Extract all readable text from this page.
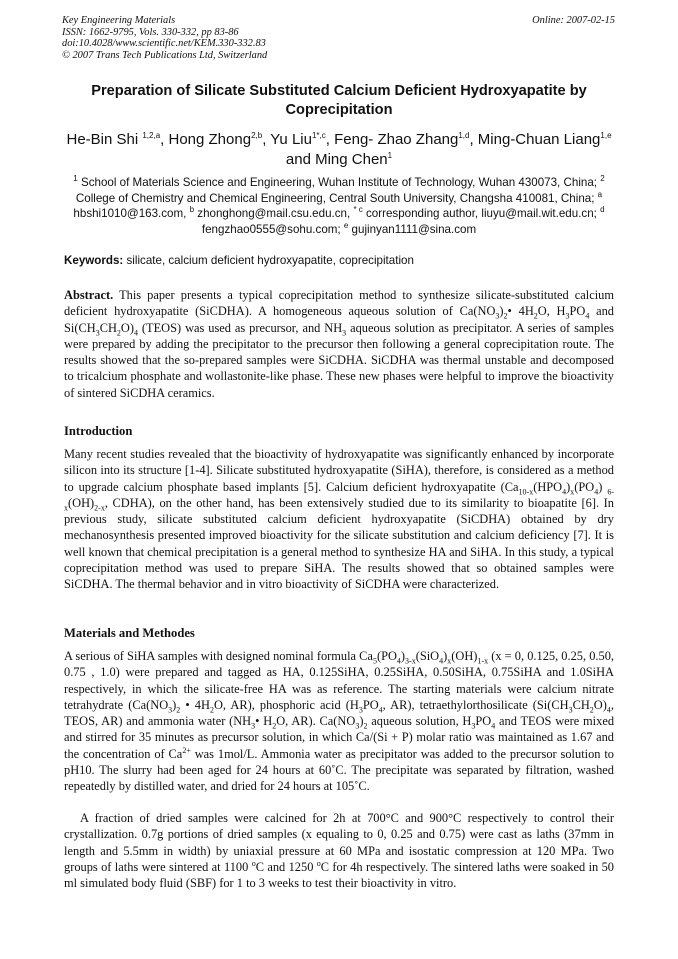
Key Engineering Materials
ISSN: 1662-9795, Vols. 330-332, pp 83-86
doi:10.4028/www.scientific.net/KEM.330-332.83
© 2007 Trans Tech Publications Ltd, Switzerland
Online: 2007-02-15
Preparation of Silicate Substituted Calcium Deficient Hydroxyapatite by Coprecipitation
He-Bin Shi $^{1,2,a}$, Hong Zhong$^{2,b}$, Yu Liu$^{1*,c}$, Feng- Zhao Zhang$^{1,d}$, Ming-Chuan Liang$^{1,e}$ and Ming Chen$^1$
$^1$ School of Materials Science and Engineering, Wuhan Institute of Technology, Wuhan 430073, China; $^2$ College of Chemistry and Chemical Engineering, Central South University, Changsha 410081, China; $^a$ hbshi1010@163.com, $^b$ zhonghong@mail.csu.edu.cn, $^{* c}$ corresponding author, liuyu@mail.wit.edu.cn; $^d$ fengzhao0555@sohu.com; $^e$ gujinyan1111@sina.com
Keywords: silicate, calcium deficient hydroxyapatite, coprecipitation
Abstract. This paper presents a typical coprecipitation method to synthesize silicate-substituted calcium deficient hydroxyapatite (SiCDHA). A homogeneous aqueous solution of $Ca(NO_3)_2•$ $4H_2O$, $H_3PO_4$ and $Si(CH_3CH_2O)_4$ (TEOS) was used as precursor, and $NH_3$ aqueous solution as precipitator. A series of samples were prepared by adding the precipitator to the precursor then following a general coprecipitation route. The results showed that the so-prepared samples were SiCDHA. SiCDHA was thermal unstable and decomposed to tricalcium phosphate and wollastonite-like phase. These new phases were helpful to improve the bioactivity of sintered SiCDHA ceramics.
Introduction
Many recent studies revealed that the bioactivity of hydroxyapatite was significantly enhanced by incorporate silicon into its structure [1-4]. Silicate substituted hydroxyapatite (SiHA), therefore, is considered as a method to upgrade calcium phosphate based implants [5]. Calcium deficient hydroxyapatite ($Ca_{10-x}(HPO_4)_x(PO_4)$ $_{6-x}(OH)_{2-x}$, CDHA), on the other hand, has been extensively studied due to its similarity to bioapatite [6]. In previous study, silicate substituted calcium deficient hydroxyapatite (SiCDHA) obtained by dry mechanosynthesis presented improved bioactivity for the silicate substitution and calcium deficiency [7]. It is well known that chemical precipitation is a general method to synthesize HA and SiHA. In this study, a typical coprecipitation method was used to prepare SiHA. The results showed that so obtained samples were SiCDHA. The thermal behavior and in vitro bioactivity of SiCDHA were characterized.
Materials and Methodes
A serious of SiHA samples with designed nominal formula $Ca_5(PO_4)_{3-x}(SiO_4)_x(OH)_{1-x}$ (x = 0, 0.125, 0.25, 0.50, 0.75 , 1.0) were prepared and tagged as HA, 0.125SiHA, 0.25SiHA, 0.50SiHA, 0.75SiHA and 1.0SiHA respectively, in which the silicate-free HA was as reference. The starting materials were calcium nitrate tetrahydrate ($Ca(NO_3)_2$ • $4H_2O$, AR), phosphoric acid ($H_3PO_4$, AR), tetraethylorthosilicate ($Si(CH_3CH_2O)_4$, TEOS, AR) and ammonia water ($NH_3•$ $H_2O$, AR). $Ca(NO_3)_2$ aqueous solution, $H_3PO_4$ and TEOS were mixed and stirred for 35 minutes as precursor solution, in which Ca/(Si + P) molar ratio was maintained as 1.67 and the concentration of $Ca^{2+}$ was 1mol/L. Ammonia water as precipitator was added to the precursor solution to pH10. The slurry had been aged for 24 hours at 60˚C. The precipitate was separated by filtration, washed repeatedly by distilled water, and dried for 24 hours at 105˚C.
A fraction of dried samples were calcined for 2h at 700°C and 900°C respectively to control their crystallization. 0.7g portions of dried samples (x equaling to 0, 0.25 and 0.75) were cast as laths (37mm in length and 5.5mm in width) by uniaxial pressure at 60 MPa and isostatic compression at 120 MPa. Two groups of laths were sintered at 1100 $^o$C and 1250 $^o$C for 4h respectively. The sintered laths were soaked in 50 ml simulated body fluid (SBF) for 1 to 3 weeks to test their bioactivity in vitro.
